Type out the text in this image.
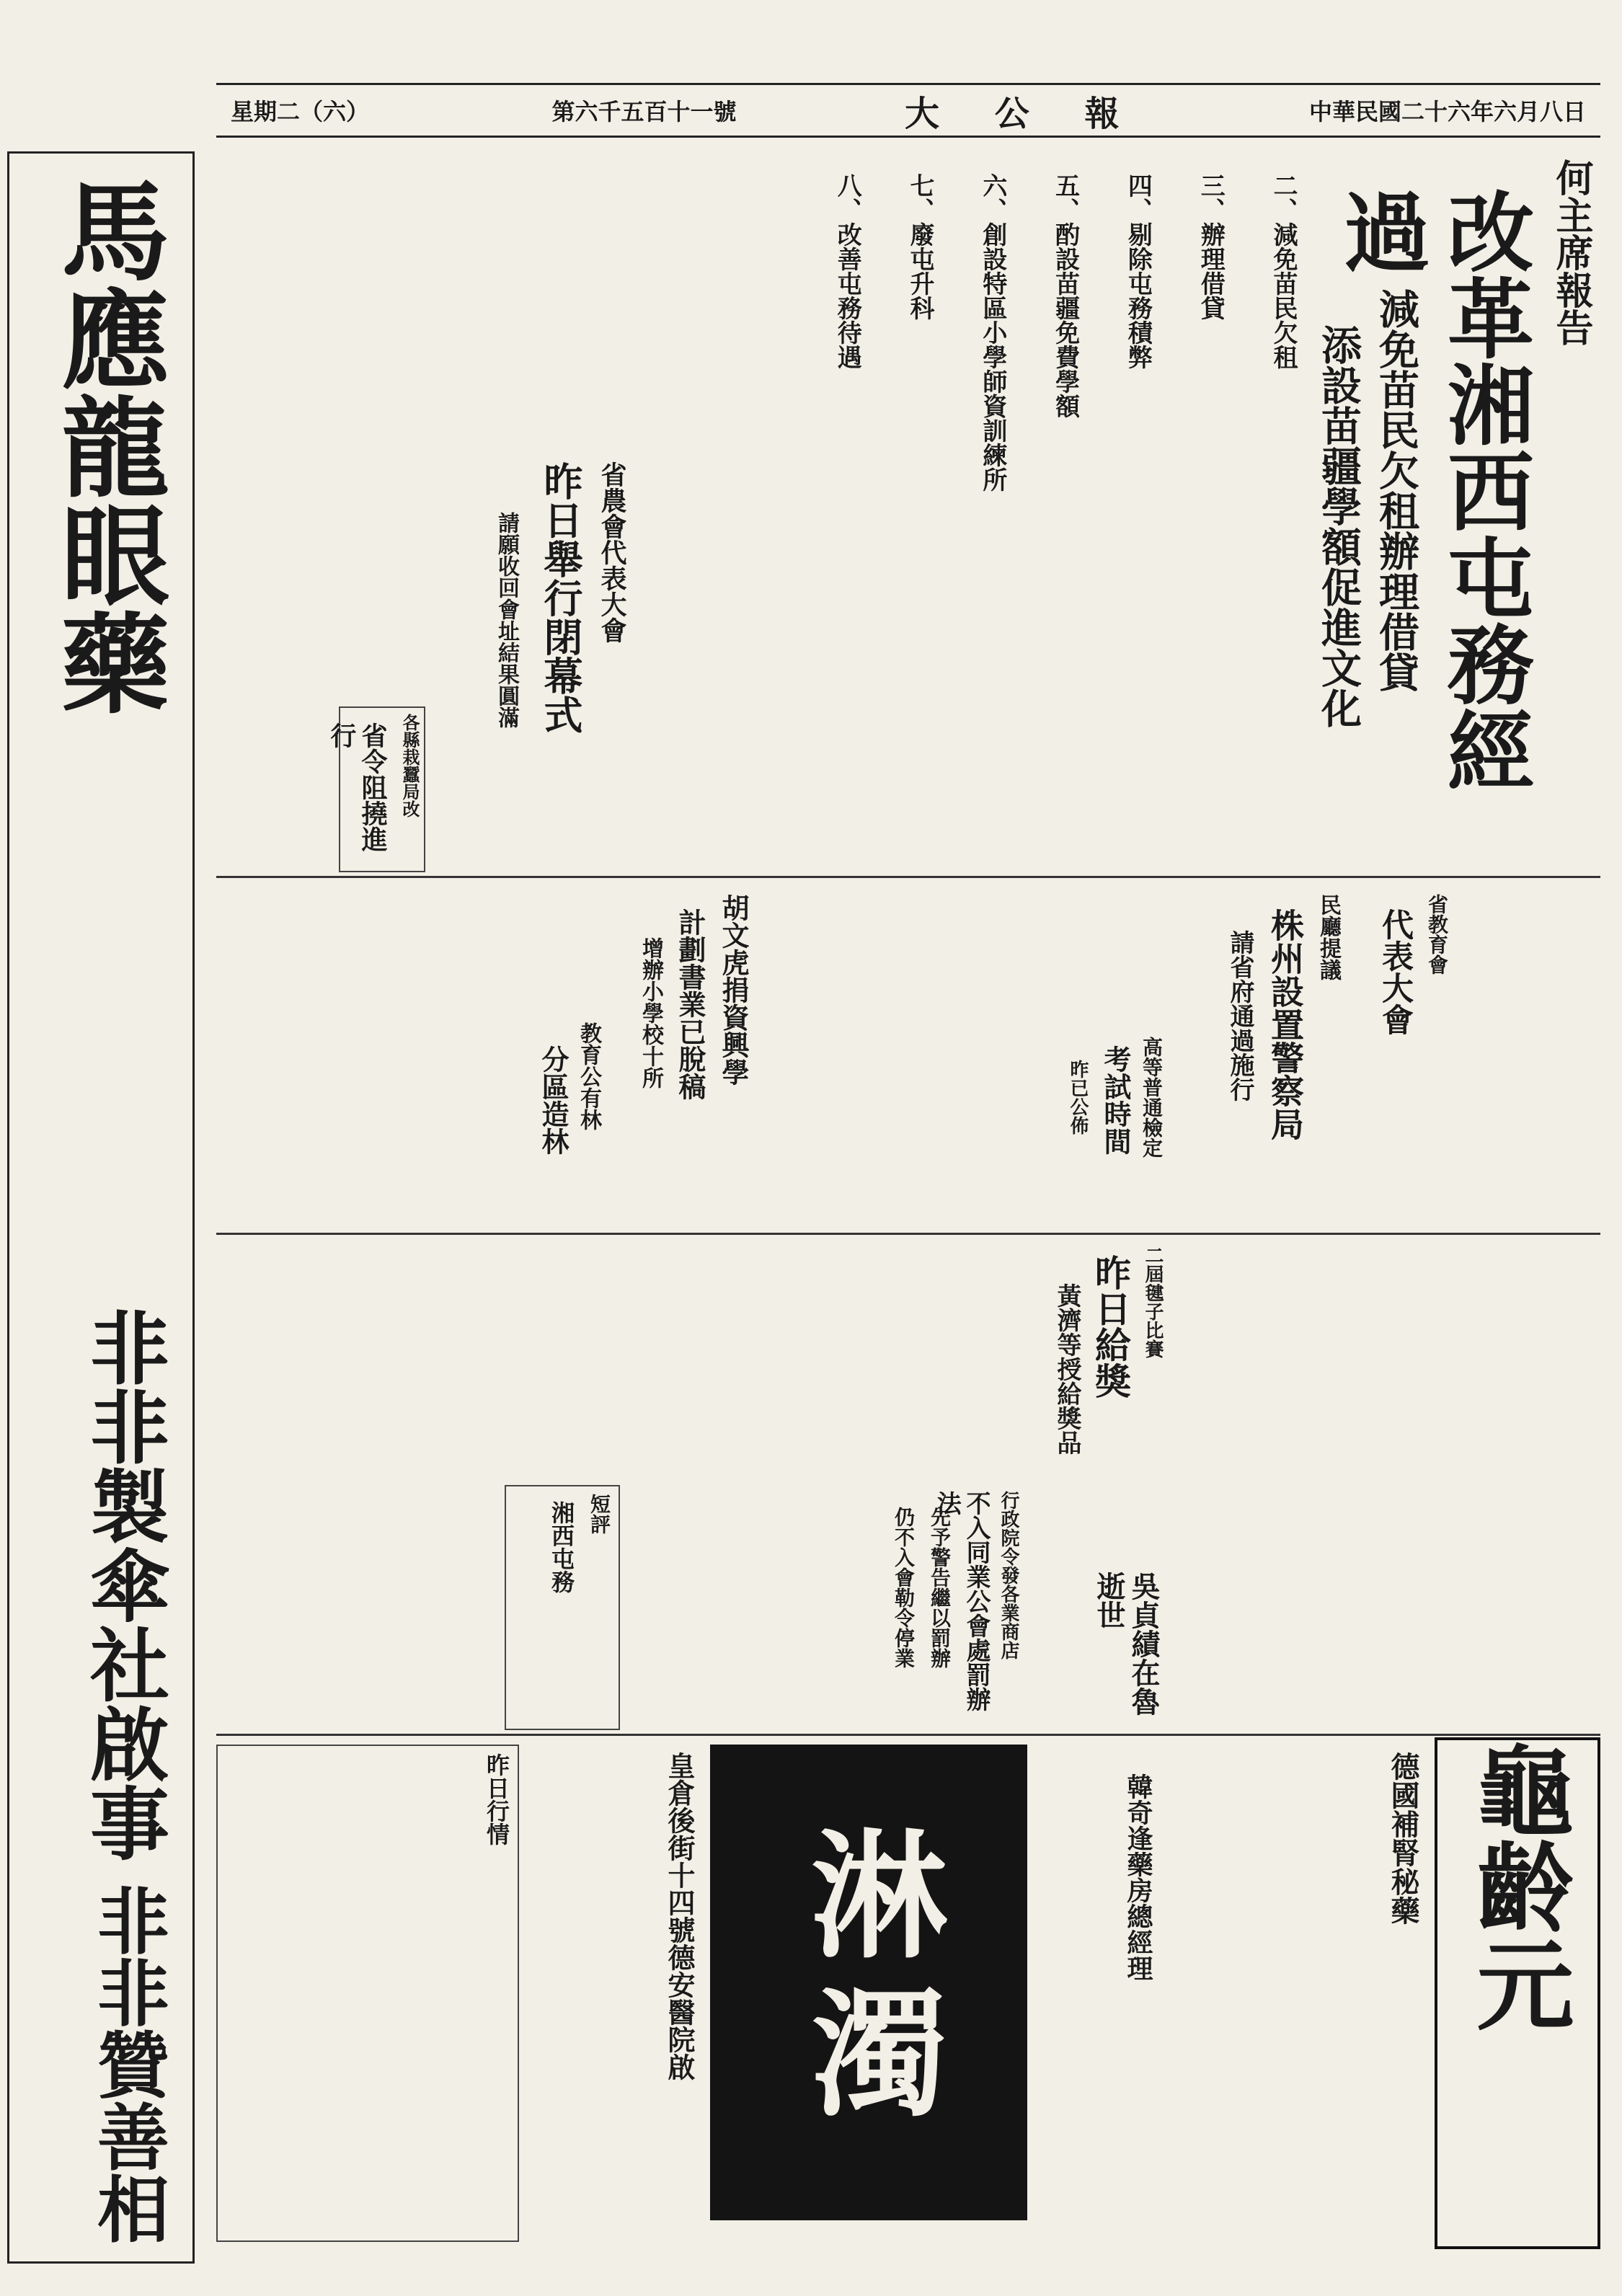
中華民國二十六年六月八日
大 公 報
第六千五百十一號
星期二（六）
馬應龍眼藥
非非製傘社啟事
非非贊善相
何主席報告
改革湘西屯務經過
減免苗民欠租辦理借貸
添設苗疆學額促進文化
二、減免苗民欠租
三、辦理借貸
四、剔除屯務積弊
五、酌設苗疆免費學額
六、創設特區小學師資訓練所
七、廢屯升科
八、改善屯務待遇
省農會代表大會
昨日舉行閉幕式
請願收回會址結果圓滿
各縣栽蠶局改
省令阻撓進行
胡文虎捐資興學
計劃書業已脫稿
增辦小學校十所	民廳提議
株州設置警察局
請省府通過施行	省教育會
代表大會
高等普通檢定
考試時間
昨已公佈
教育公有林
分區造林
二屆毽子比賽
昨日給獎
黃濟等授給獎品
行政院令發各業商店
不入同業公會處罰辦法
先予警告繼以罰辦
仍不入會勒令停業	吳貞績在魯逝世
短評
湘西屯務
昨日行情	皇倉後街十四號德安醫院啟 淋濁	韓奇逢藥房總經理	德國補腎秘藥 龜齡元
